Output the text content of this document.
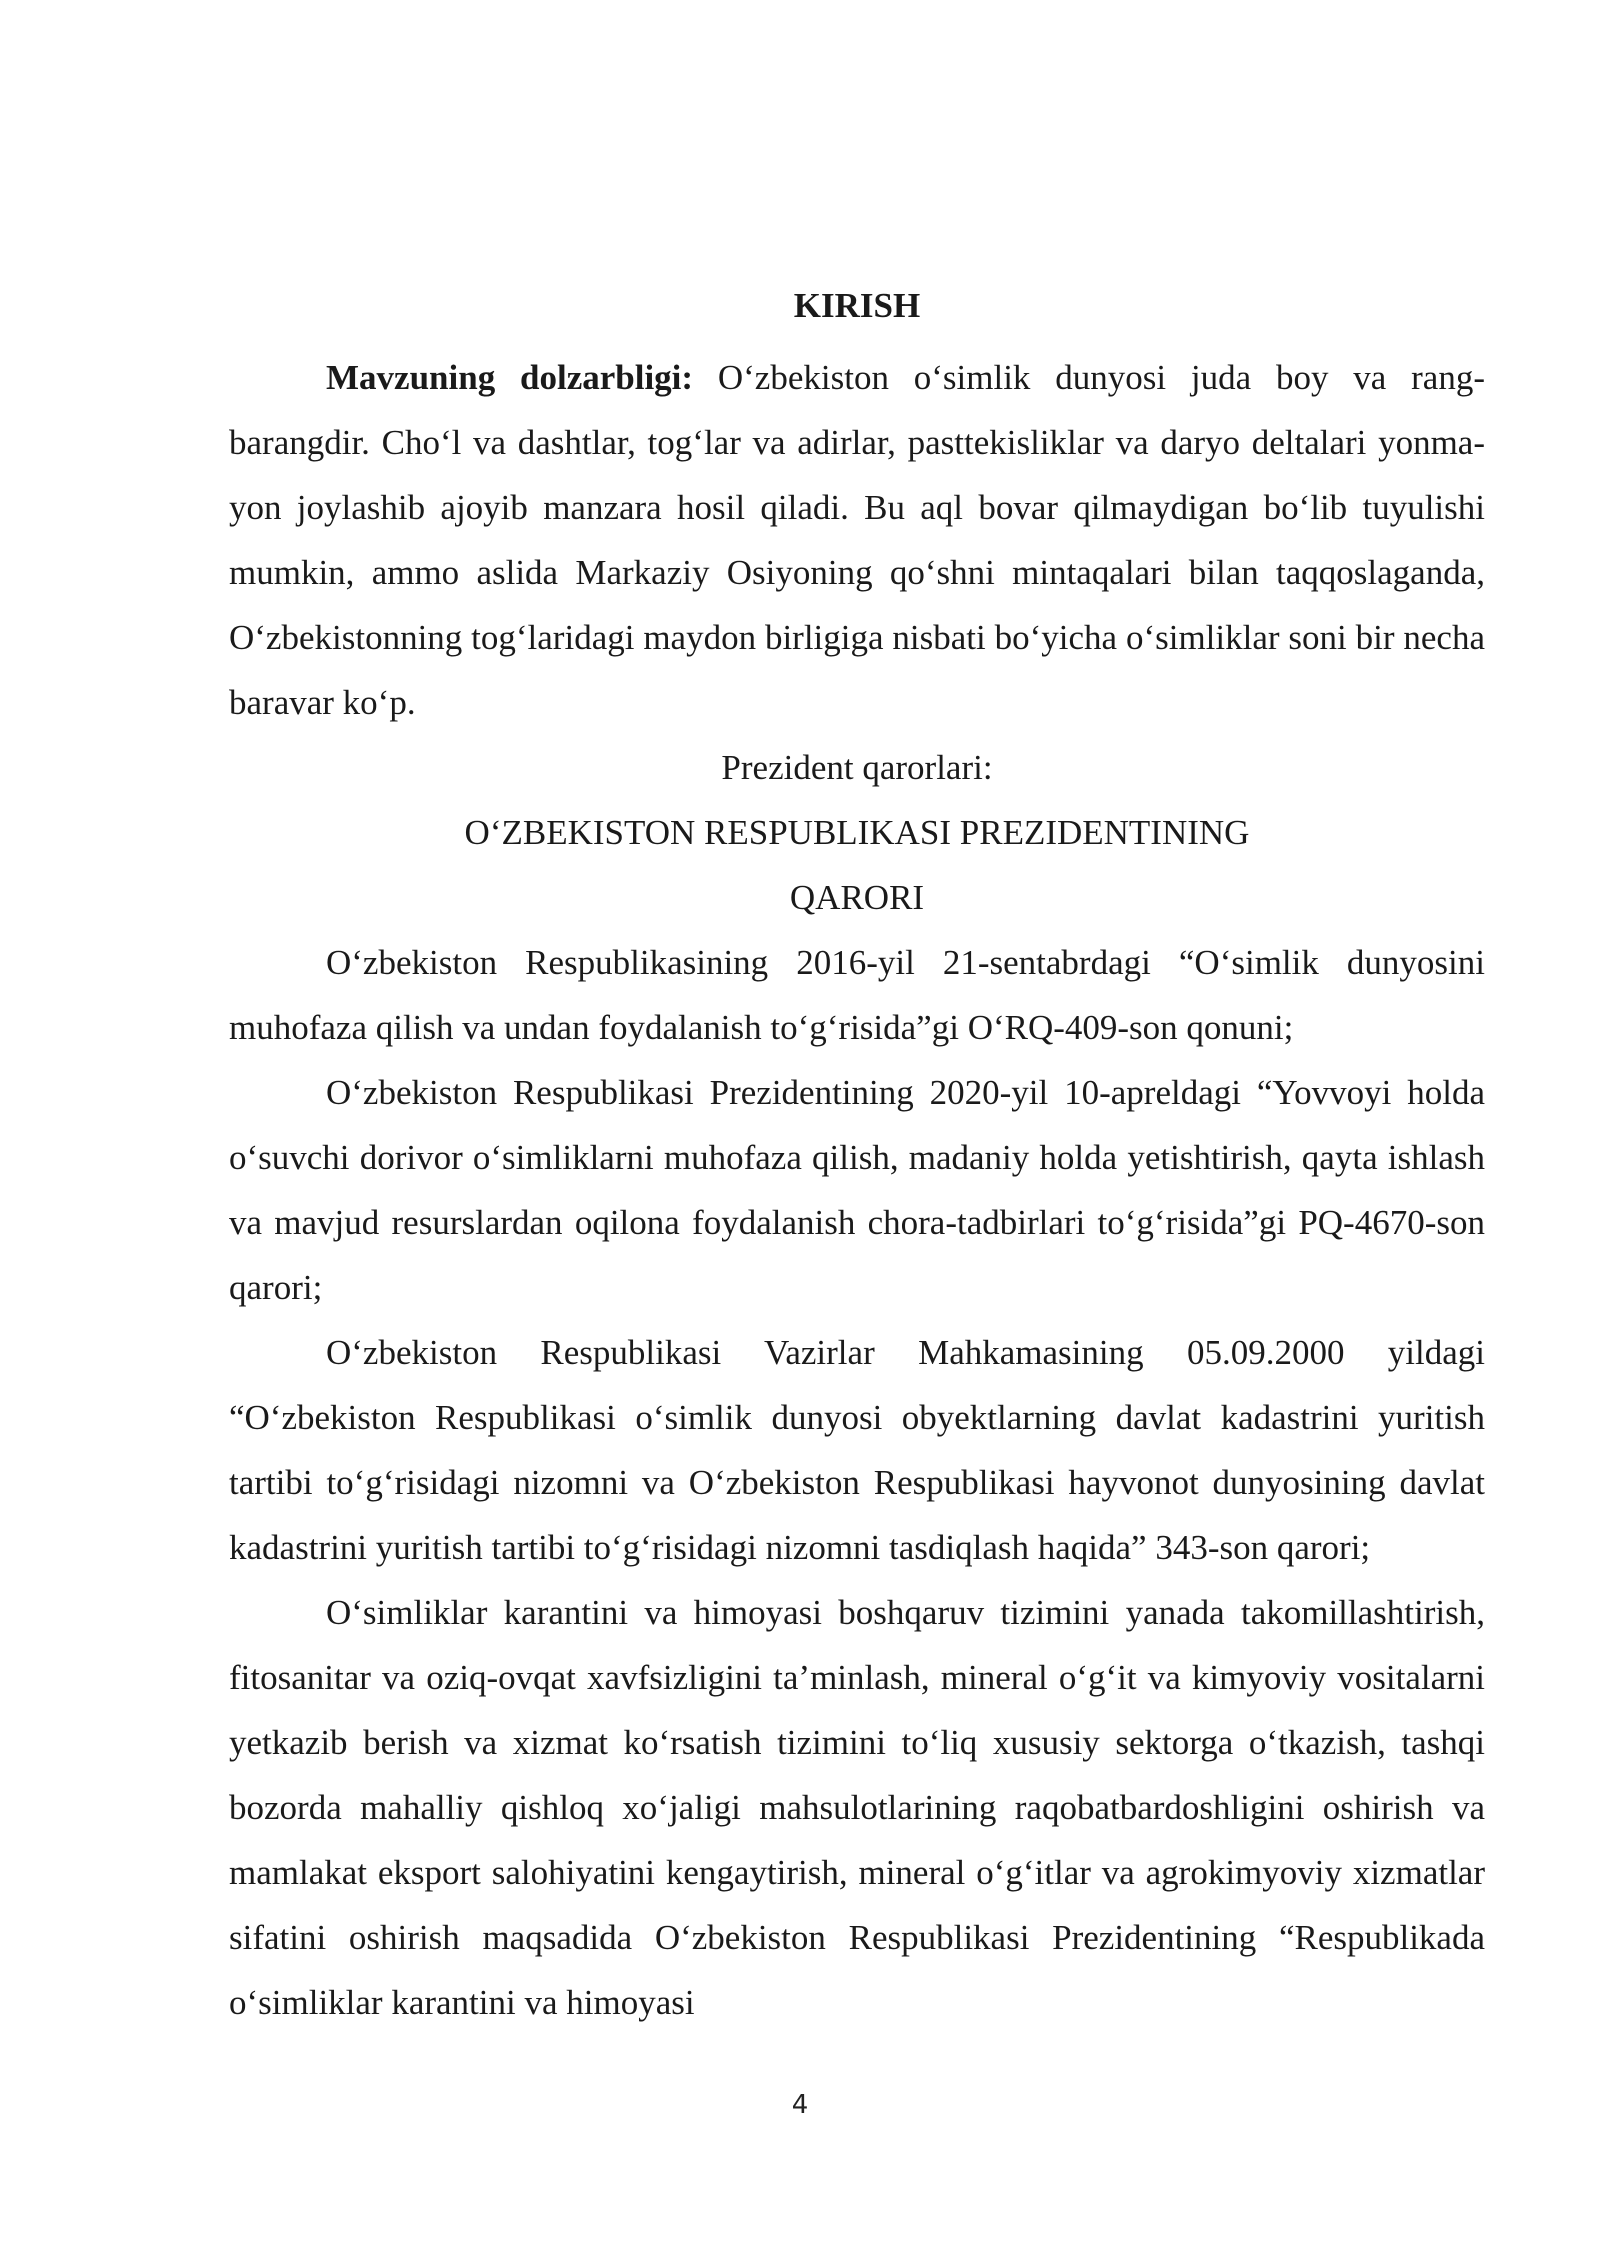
KIRISH

Mavzuning dolzarbligi: O‘zbekiston o‘simlik dunyosi juda boy va rang-barangdir. Cho‘l va dashtlar, tog‘lar va adirlar, pasttekisliklar va daryo deltalari yonma-yon joylashib ajoyib manzara hosil qiladi. Bu aql bovar qilmaydigan bo‘lib tuyulishi mumkin, ammo aslida Markaziy Osiyoning qo‘shni mintaqalari bilan taqqoslaganda, O‘zbekistonning tog‘laridagi maydon birligiga nisbati bo‘yicha o‘simliklar soni bir necha baravar ko‘p.

Prezident qarorlari:

O‘ZBEKISTON RESPUBLIKASI PREZIDENTINING

QARORI

O‘zbekiston Respublikasining 2016-yil 21-sentabrdagi “O‘simlik dunyosini muhofaza qilish va undan foydalanish to‘g‘risida”gi O‘RQ-409-son qonuni;

O‘zbekiston Respublikasi Prezidentining 2020-yil 10-apreldagi “Yovvoyi holda o‘suvchi dorivor o‘simliklarni muhofaza qilish, madaniy holda yetishtirish, qayta ishlash va mavjud resurslardan oqilona foydalanish chora-tadbirlari to‘g‘risida”gi PQ-4670-son qarori;

O‘zbekiston Respublikasi Vazirlar Mahkamasining 05.09.2000 yildagi “O‘zbekiston Respublikasi o‘simlik dunyosi obyektlarning davlat kadastrini yuritish tartibi to‘g‘risidagi nizomni va O‘zbekiston Respublikasi hayvonot dunyosining davlat kadastrini yuritish tartibi to‘g‘risidagi nizomni tasdiqlash haqida” 343-son qarori;

O‘simliklar karantini va himoyasi boshqaruv tizimini yanada takomillashtirish, fitosanitar va oziq-ovqat xavfsizligini ta’minlash, mineral o‘g‘it va kimyoviy vositalarni yetkazib berish va xizmat ko‘rsatish tizimini to‘liq xususiy sektorga o‘tkazish, tashqi bozorda mahalliy qishloq xo‘jaligi mahsulotlarining raqobatbardoshligini oshirish va mamlakat eksport salohiyatini kengaytirish, mineral o‘g‘itlar va agrokimyoviy xizmatlar sifatini oshirish maqsadida O‘zbekiston Respublikasi Prezidentining “Respublikada o‘simliklar karantini va himoyasi

4
